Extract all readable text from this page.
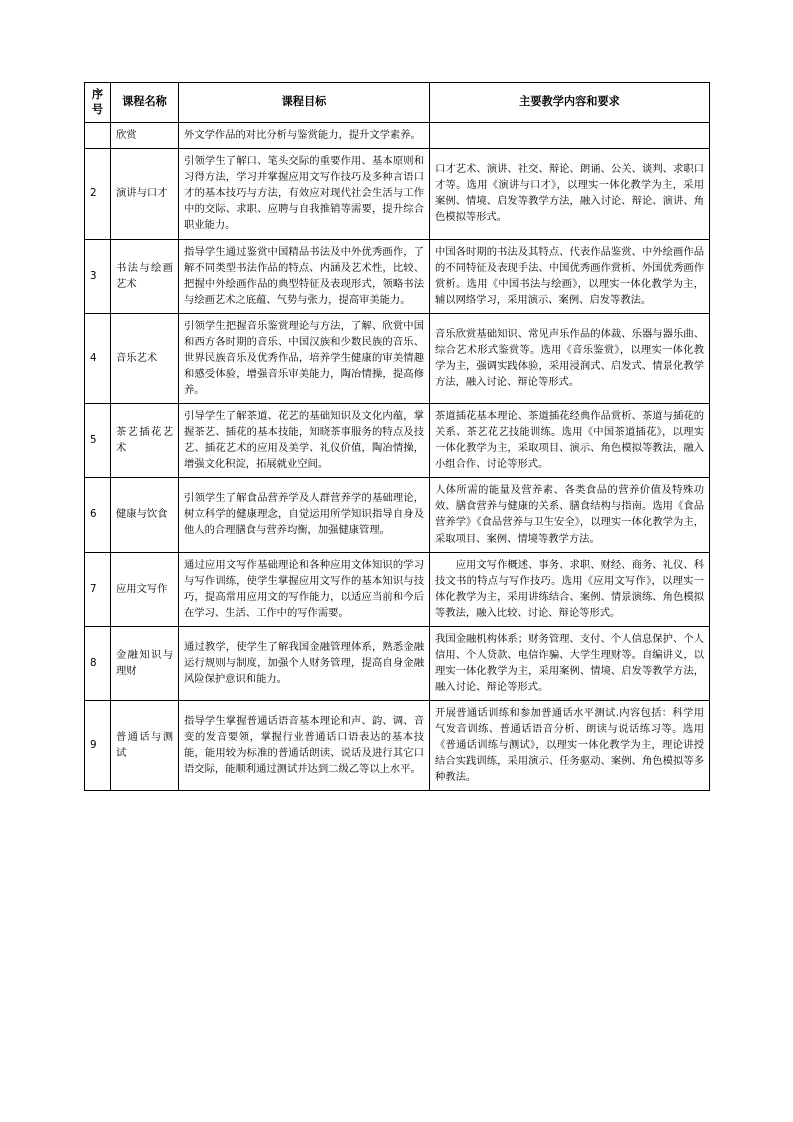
序号	课程名称	课程目标	主要教学内容和要求
	欣赏	外文学作品的对比分析与鉴赏能力，提升文学素养。	
2	演讲与口才	引领学生了解口、笔头交际的重要作用、基本原则和习得方法，学习并掌握应用文写作技巧及多种言语口才的基本技巧与方法，有效应对现代社会生活与工作中的交际、求职、应聘与自我推销等需要，提升综合职业能力。	口才艺术、演讲、社交、辩论、朗诵、公关、谈判、求职口才等。选用《演讲与口才》，以理实一体化教学为主，采用案例、情境、启发等教学方法，融入讨论、辩论、演讲、角色模拟等形式。
3	书法与绘画艺术	指导学生通过鉴赏中国精品书法及中外优秀画作，了解不同类型书法作品的特点、内涵及艺术性，比较、把握中外绘画作品的典型特征及表现形式，领略书法与绘画艺术之底蕴、气势与张力，提高审美能力。	中国各时期的书法及其特点、代表作品鉴赏、中外绘画作品的不同特征及表现手法、中国优秀画作赏析、外国优秀画作赏析。选用《中国书法与绘画》，以理实一体化教学为主，辅以网络学习，采用演示、案例、启发等教法。
4	音乐艺术	引领学生把握音乐鉴赏理论与方法，了解、欣赏中国和西方各时期的音乐、中国汉族和少数民族的音乐、世界民族音乐及优秀作品，培养学生健康的审美情趣和感受体验，增强音乐审美能力，陶冶情操，提高修养。	音乐欣赏基础知识、常见声乐作品的体裁、乐器与器乐曲、综合艺术形式鉴赏等。选用《音乐鉴赏》，以理实一体化教学为主，强调实践体验，采用浸润式、启发式、情景化教学方法，融入讨论、辩论等形式。
5	茶艺插花艺术	引导学生了解茶道、花艺的基础知识及文化内蕴，掌握茶艺、插花的基本技能，知晓茶事服务的特点及技艺、插花艺术的应用及美学、礼仪价值，陶冶情操，增强文化积淀，拓展就业空间。	茶道插花基本理论、茶道插花经典作品赏析、茶道与插花的关系、茶艺花艺技能训练。选用《中国茶道插花》，以理实一体化教学为主，采取项目、演示、角色模拟等教法，融入小组合作、讨论等形式。
6	健康与饮食	引领学生了解食品营养学及人群营养学的基础理论，树立科学的健康理念，自觉运用所学知识指导自身及他人的合理膳食与营养均衡，加强健康管理。	人体所需的能量及营养素、各类食品的营养价值及特殊功效、膳食营养与健康的关系、膳食结构与指南。选用《食品营养学》《食品营养与卫生安全》，以理实一体化教学为主，采取项目、案例、情境等教学方法。
7	应用文写作	通过应用文写作基础理论和各种应用文体知识的学习与写作训练，使学生掌握应用文写作的基本知识与技巧，提高常用应用文的写作能力，以适应当前和今后在学习、生活、工作中的写作需要。	　　应用文写作概述、事务、求职、财经、商务、礼仪、科技文书的特点与写作技巧。选用《应用文写作》，以理实一体化教学为主，采用讲练结合、案例、情景演练、角色模拟等教法，融入比较、讨论、辩论等形式。
8	金融知识与理财	通过教学，使学生了解我国金融管理体系，熟悉金融运行规则与制度，加强个人财务管理，提高自身金融风险保护意识和能力。	我国金融机构体系；财务管理、支付、个人信息保护、个人信用、个人贷款、电信诈骗、大学生理财等。自编讲义，以理实一体化教学为主，采用案例、情境、启发等教学方法，融入讨论、辩论等形式。
9	普通话与测试	指导学生掌握普通话语音基本理论和声、韵、调、音变的发音要领，掌握行业普通话口语表达的基本技能，能用较为标准的普通话朗读、说话及进行其它口语交际，能顺利通过测试并达到二级乙等以上水平。	开展普通话训练和参加普通话水平测试.内容包括：科学用气发音训练、普通话语音分析、朗读与说话练习等。选用《普通话训练与测试》，以理实一体化教学为主，理论讲授结合实践训练，采用演示、任务驱动、案例、角色模拟等多种教法。
